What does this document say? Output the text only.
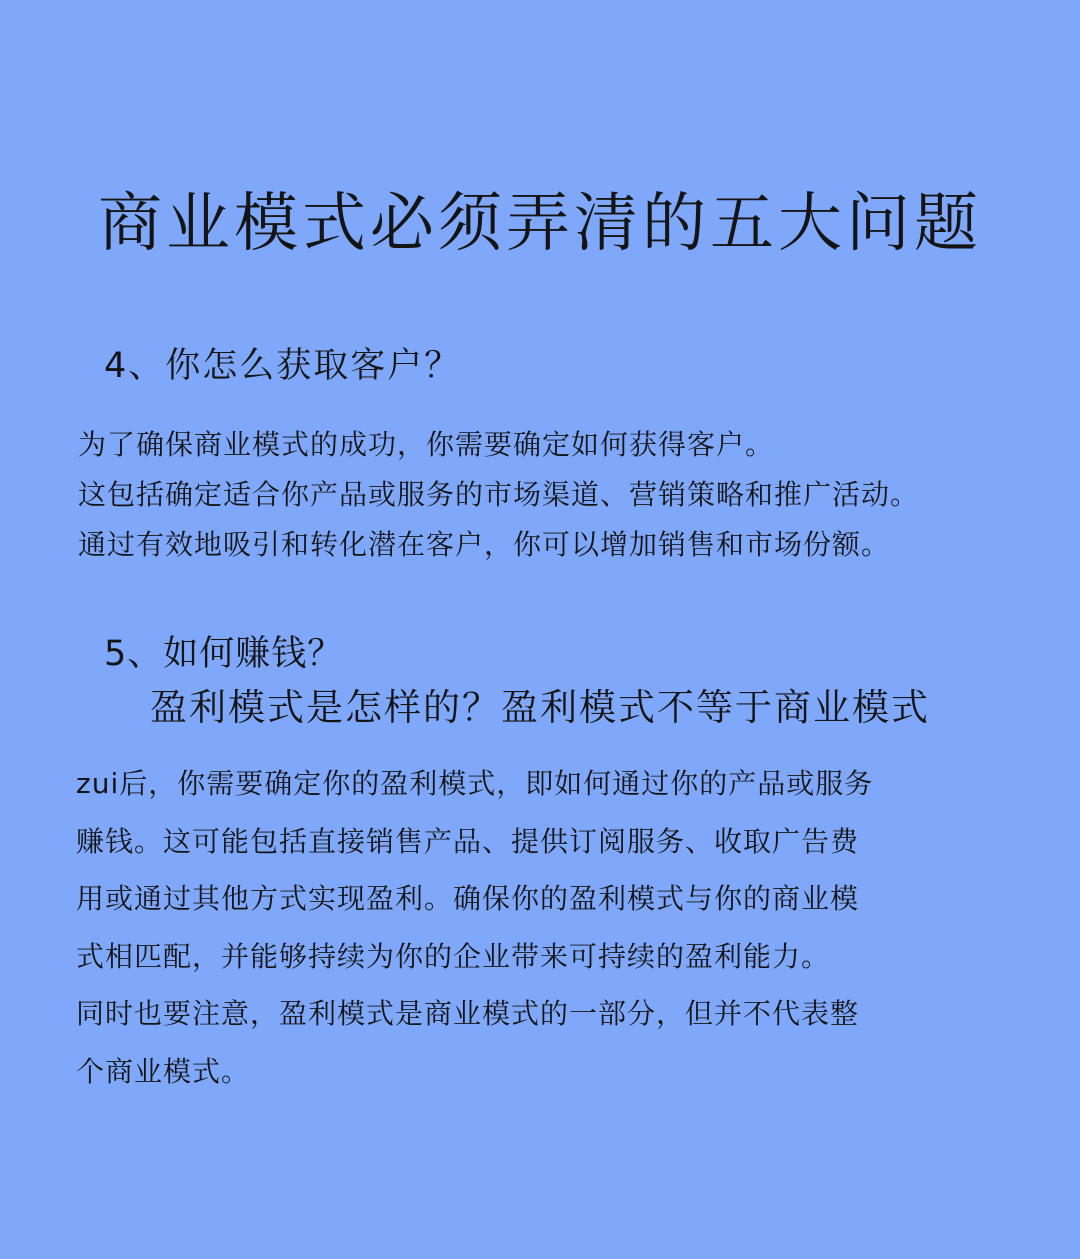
商业模式必须弄清的五大问题
4、你怎么获取客户？
为了确保商业模式的成功，你需要确定如何获得客户。
这包括确定适合你产品或服务的市场渠道、营销策略和推广活动。
通过有效地吸引和转化潜在客户，你可以增加销售和市场份额。
5、如何赚钱？
盈利模式是怎样的？盈利模式不等于商业模式
zui后，你需要确定你的盈利模式，即如何通过你的产品或服务
赚钱。这可能包括直接销售产品、提供订阅服务、收取广告费
用或通过其他方式实现盈利。确保你的盈利模式与你的商业模
式相匹配，并能够持续为你的企业带来可持续的盈利能力。
同时也要注意，盈利模式是商业模式的一部分，但并不代表整
个商业模式。
